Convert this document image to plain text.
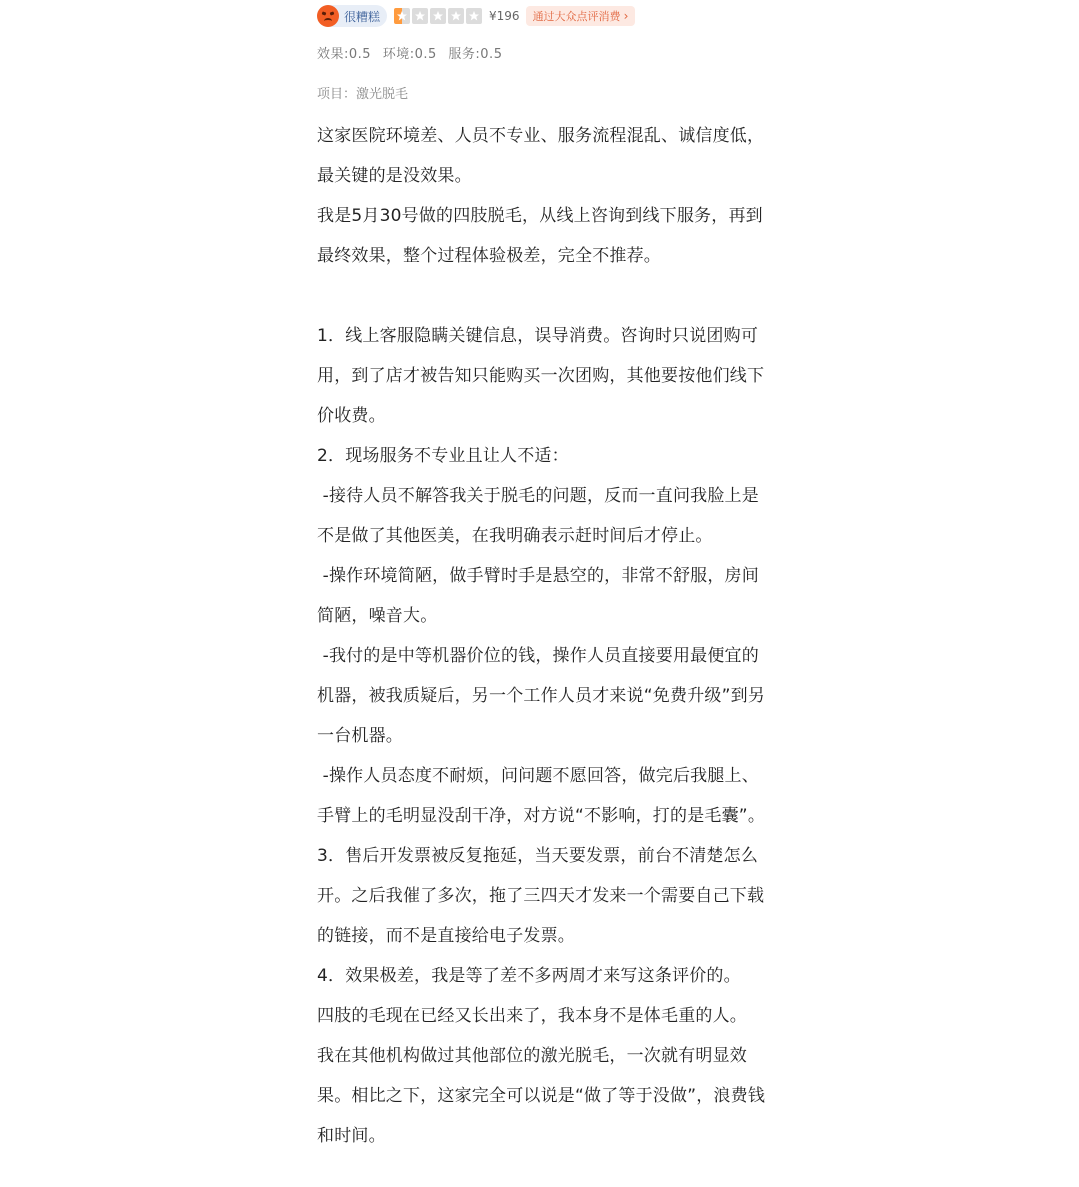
很糟糕	¥196 通过大众点评消费 ›
效果:0.5 环境:0.5 服务:0.5
项目：激光脱毛

这家医院环境差、人员不专业、服务流程混乱、诚信度低，最关键的是没效果。

我是5月30号做的四肢脱毛，从线上咨询到线下服务，再到最终效果，整个过程体验极差，完全不推荐。

1．线上客服隐瞒关键信息，误导消费。咨询时只说团购可用，到了店才被告知只能购买一次团购，其他要按他们线下价收费。

2．现场服务不专业且让人不适：

-接待人员不解答我关于脱毛的问题，反而一直问我脸上是不是做了其他医美，在我明确表示赶时间后才停止。

-操作环境简陋，做手臂时手是悬空的，非常不舒服，房间简陋，噪音大。

-我付的是中等机器价位的钱，操作人员直接要用最便宜的机器，被我质疑后，另一个工作人员才来说“免费升级”到另一台机器。

-操作人员态度不耐烦，问问题不愿回答，做完后我腿上、手臂上的毛明显没刮干净，对方说“不影响，打的是毛囊”。

3．售后开发票被反复拖延，当天要发票，前台不清楚怎么开。之后我催了多次，拖了三四天才发来一个需要自己下载的链接，而不是直接给电子发票。

4．效果极差，我是等了差不多两周才来写这条评价的。

四肢的毛现在已经又长出来了，我本身不是体毛重的人。

我在其他机构做过其他部位的激光脱毛，一次就有明显效果。相比之下，这家完全可以说是“做了等于没做”，浪费钱和时间。
